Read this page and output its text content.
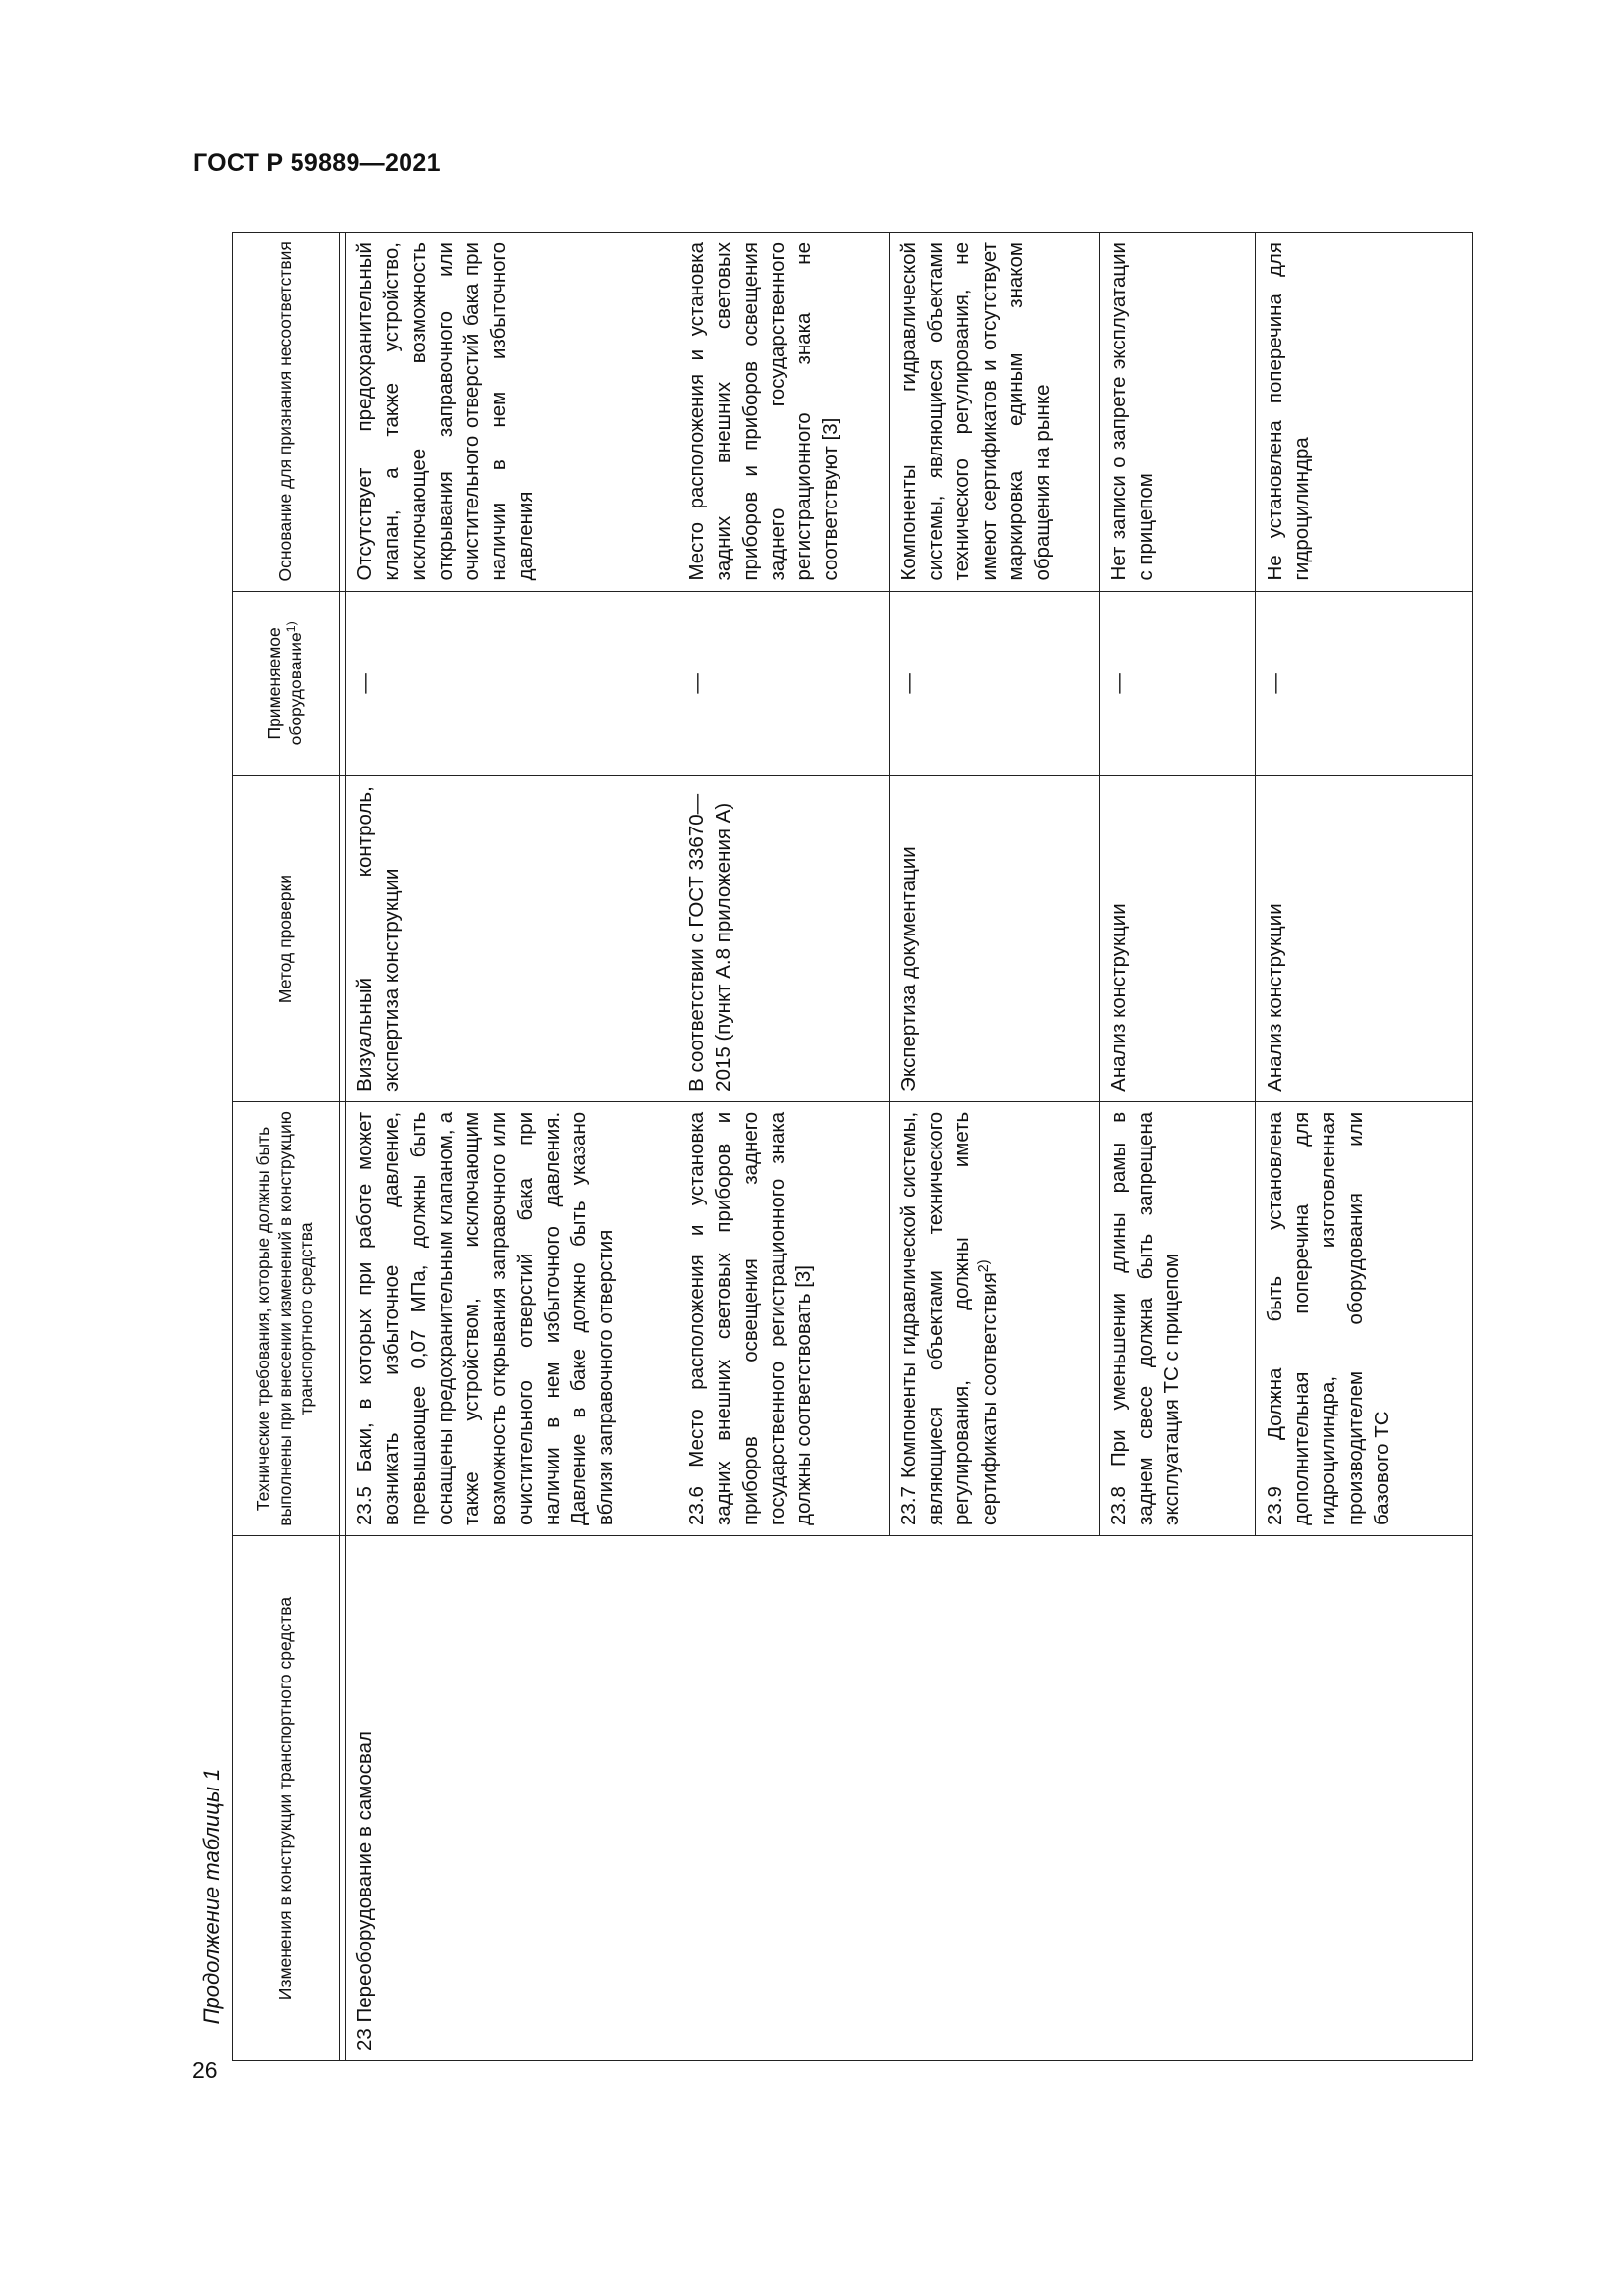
ГОСТ Р 59889—2021
Изменения в конструкции транспортного средства	Технические требования, которые должны быть выполнены при внесении изменений в конструкцию транспортного средства	Метод проверки	Применяемое оборудование$^{1)}$	Основание для признания несоответствия

23 Переоборудование в самосвал	23.5 Баки, в которых при работе может возникать избыточное давление, превышающее 0,07 МПа, должны быть оснащены предохранительным клапаном, а также устройством, исключающим возможность открывания заправочного или очистительного отверстий бака при наличии в нем избыточного давления. Давление в баке должно быть указано вблизи заправочного отверстия	Визуальный контроль, экспертиза конструкции	—	Отсутствует предохранительный клапан, а также устройство, исключающее возможность открывания заправочного или очистительного отверстий бака при наличии в нем избыточного давления
	23.6 Место расположения и установка задних внешних световых приборов и приборов освещения заднего государственного регистрационного знака должны соответствовать [3]	В соответствии с ГОСТ 33670—2015 (пункт А.8 приложения А)	—	Место расположения и установка задних внешних световых приборов и приборов освещения заднего государственного регистрационного знака не соответствуют [3]
	23.7 Компоненты гидравлической системы, являющиеся объектами технического регулирования, должны иметь сертификаты соответствия$^{2)}$	Экспертиза документации	—	Компоненты гидравлической системы, являющиеся объектами технического регулирования, не имеют сертификатов и отсутствует маркировка единым знаком обращения на рынке
	23.8 При уменьшении длины рамы в заднем свесе должна быть запрещена эксплуатация ТС с прицепом	Анализ конструкции	—	Нет записи о запрете эксплуатации с прицепом
	23.9 Должна быть установлена дополнительная поперечина для гидроцилиндра, изготовленная производителем оборудования или базового ТС	Анализ конструкции	—	Не установлена поперечина для гидроцилиндра
Продолжение таблицы 1
26
